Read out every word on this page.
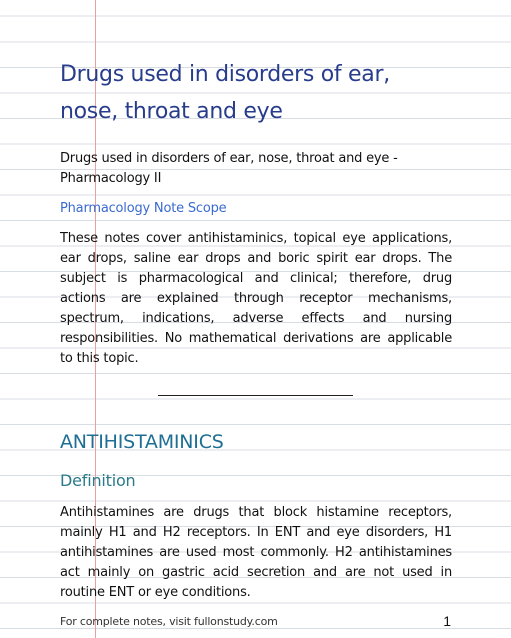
Drugs used in disorders of ear, nose, throat and eye

Drugs used in disorders of ear, nose, throat and eye - Pharmacology II

Pharmacology Note Scope

These notes cover antihistaminics, topical eye applications, ear drops, saline ear drops and boric spirit ear drops. The subject is pharmacological and clinical; therefore, drug actions are explained through receptor mechanisms, spectrum, indications, adverse effects and nursing responsibilities. No mathematical derivations are applicable to this topic.

ANTIHISTAMINICS
Definition

Antihistamines are drugs that block histamine receptors, mainly H1 and H2 receptors. In ENT and eye disorders, H1 antihistamines are used most commonly. H2 antihistamines act mainly on gastric acid secretion and are not used in routine ENT or eye conditions.

For complete notes, visit fullonstudy.com	1
